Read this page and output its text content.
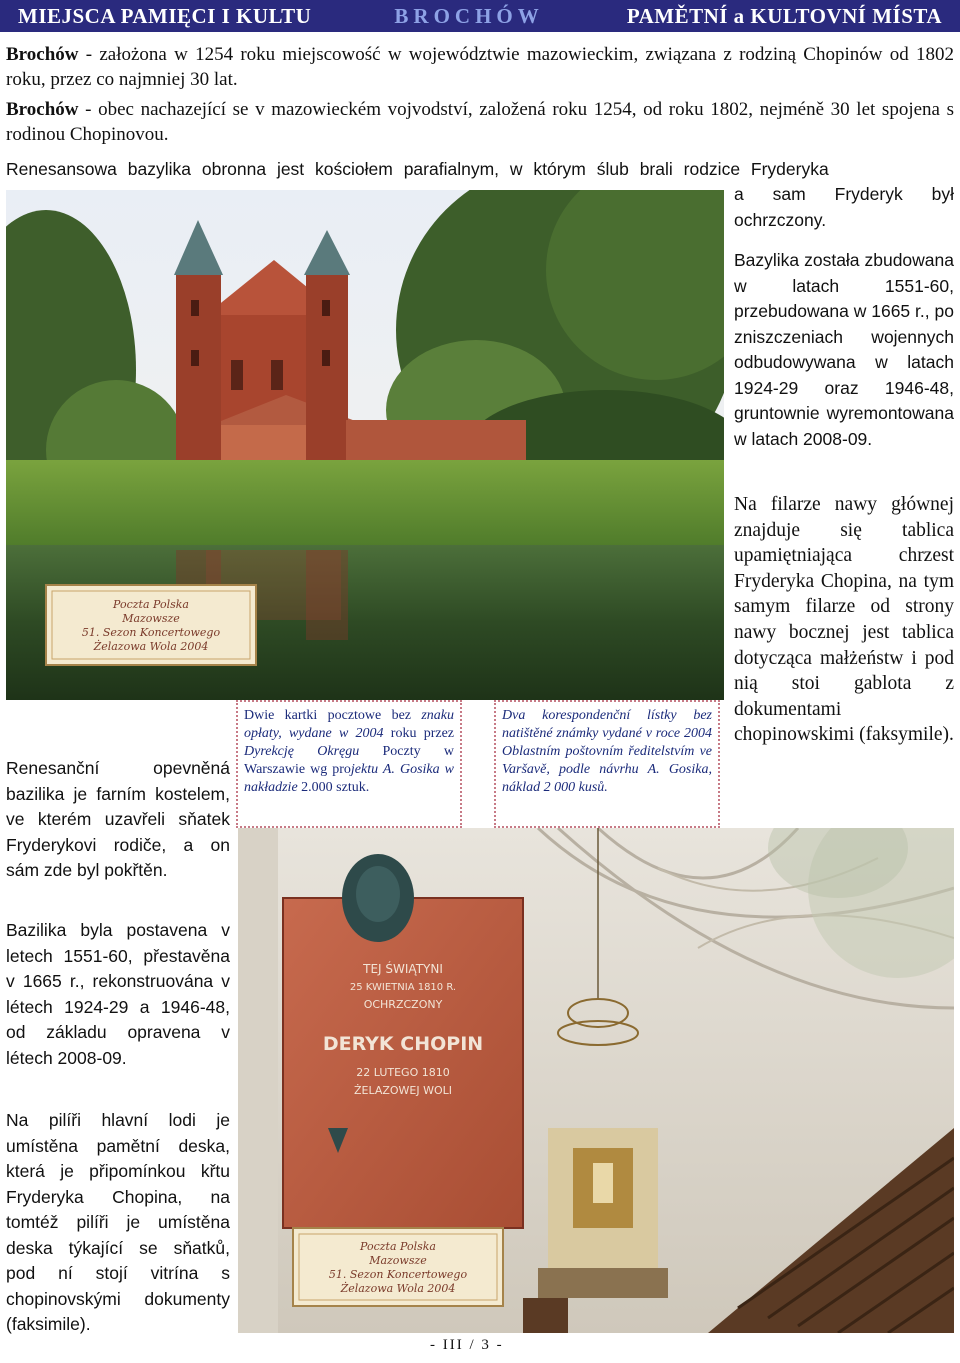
MIEJSCA PAMIĘCI I KULTU	BROCHÓW	PAMĚTNÍ a KULTOVNÍ MÍSTA
Brochów - założona w 1254 roku miejscowość w województwie mazowieckim, związana z rodziną Chopinów od 1802 roku, przez co najmniej 30 lat.
Brochów - obec nachazející se v mazowieckém vojvodství, založená roku 1254, od roku 1802, nejméně 30 let spojena s rodinou Chopinovou.
Renesansowa bazylika obronna jest kościołem parafialnym, w którym ślub brali rodzice Fryderyka
a sam Fryderyk był ochrzczony.
Bazylika została zbudowana w latach 1551-60, przebudowana w 1665 r., po zniszczeniach wojennych odbudowywana w latach 1924-29 oraz 1946-48, gruntownie wyremontowana w latach 2008-09.
Na filarze nawy głównej znajduje się tablica upamiętniająca chrzest Fryderyka Chopina, na tym samym filarze od strony nawy bocznej jest tablica dotycząca małżeństw i pod nią stoi gablota z dokumentami chopinowskimi (faksymile).
Poczta Polska
Mazowsze
51. Sezon Koncertowego
Żelazowa Wola 2004
Dwie kartki pocztowe bez znaku opłaty, wydane w 2004 roku przez Dyrekcję Okręgu Poczty w Warszawie wg projektu A. Gosika w nakładzie 2.000 sztuk.
Dva korespondenční lístky bez natištěné známky vydané v roce 2004 Oblastním poštovním ředitelstvím ve Varšavě, podle návrhu A. Gosika, náklad 2 000 kusů.
Renesanční opevněná bazilika je farním kostelem, ve kterém uzavřeli sňatek Fryderykovi rodiče, a on sám zde byl pokřtěn.
Bazilika byla postavena v letech 1551-60, přestavěna v 1665 r., rekonstruována v létech 1924-29 a 1946-48, od základu opravena v létech 2008-09.
Na pilíři hlavní lodi je umístěna pamětní deska, která je připomínkou křtu Fryderyka Chopina, na tomtéž pilíři je umístěna deska týkající se sňatků, pod ní stojí vitrína s chopinovskými dokumenty (faksimile).
TEJ ŚWIĄTYNI
25 KWIETNIA 1810 R.
OCHRZCZONY
DERYK CHOPIN
22 LUTEGO 1810
ŻELAZOWEJ WOLI
Poczta Polska
Mazowsze
51. Sezon Koncertowego
Żelazowa Wola 2004
- III / 3 -
